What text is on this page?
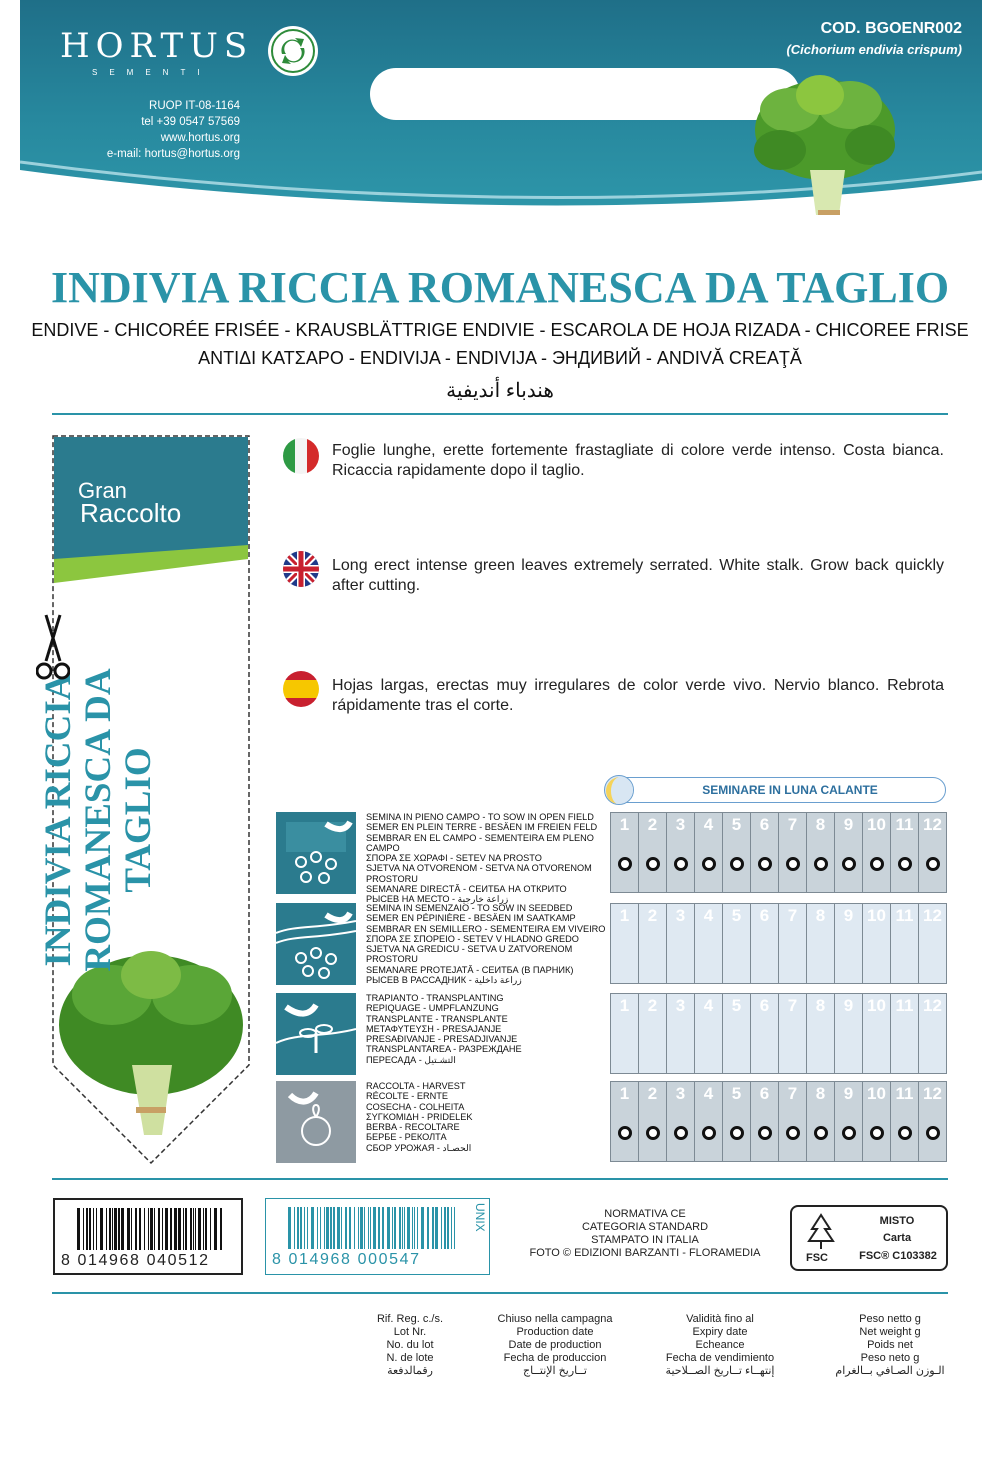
HORTUS
SEMENTI
RUOP IT-08-1164
tel +39 0547 57569
www.hortus.org
e-mail: hortus@hortus.org
COD. BGOENR002
(Cichorium endivia crispum)
INDIVIA RICCIA ROMANESCA DA TAGLIO
ENDIVE - CHICORÉE FRISÉE - KRAUSBLÄTTRIGE ENDIVIE - ESCAROLA DE HOJA RIZADA - CHICOREE FRISE
ΑΝΤΙΔΙ ΚΑΤΣΑΡΟ - ENDIVIJA - ENDIVIJA - ЭНДИВИЙ - ANDIVĂ CREAŢĂ
هندباء أنديفية
Gran
Raccolto
INDIVIA RICCIA ROMANESCA DA TAGLIO
Foglie lunghe, erette fortemente frastagliate di colore verde intenso. Costa bianca. Ricaccia rapidamente dopo il taglio.
Long erect intense green leaves extremely serrated. White stalk. Grow back quickly after cutting.
Hojas largas, erectas muy irregulares de color verde vivo. Nervio blanco. Rebrota rápidamente tras el corte.
SEMINARE IN LUNA CALANTE
SEMINA IN PIENO CAMPO - TO SOW IN OPEN FIELD
SEMER EN PLEIN TERRE - BESÄEN IM FREIEN FELD
SEMBRAR EN EL CAMPO - SEMENTEIRA EM PLENO CAMPO
ΣΠΟΡΑ ΣΕ ΧΩΡΑΦΙ - SETEV NA PROSTO
SJETVA NA OTVORENOM - SETVA NA OTVORENOM PROSTORU
SEMANARE DIRECTĂ - СЕИТБА НА ОТКРИТО
РЫСЕВ НА МЕСТО - زراعة خارجية
1	2	3	4	5	6	7	8	9 10 11 12
SEMINA IN SEMENZAIO - TO SOW IN SEEDBED
SEMER EN PÉPINIÈRE - BESÄEN IM SAATKAMP
SEMBRAR EN SEMILLERO - SEMENTEIRA EM VIVEIRO
ΣΠΟΡΑ ΣΕ ΣΠΟΡΕΙΟ - SETEV V HLADNO GREDO
SJETVA NA GREDICU - SETVA U ZATVORENOM PROSTORU
SEMANARE PROTEJATĂ - СЕИТБА (В ПАРНИК)
РЫСЕВ В РАССАДНИК - زراعة داخلية
1	2	3	4	5	6	7	8	9 10 11 12
TRAPIANTO - TRANSPLANTING
REPIQUAGE - UMPFLANZUNG
TRANSPLANTE - TRANSPLANTE
ΜΕΤΑΦΥΤΕΥΣΗ - PRESAJANJE
PRESAĐIVANJE - PRESADJIVANJE
TRANSPLANTAREA - РАЗРЕЖДАНЕ
ПЕРЕСАДА - التشـتيل
1	2	3	4	5	6	7	8	9 10 11 12
RACCOLTA - HARVEST
RÉCOLTE - ERNTE
COSECHA - COLHEITA
ΣΥΓΚΟΜΙΔΗ - PRIDELEK
BERBA - RECOLTARE
БЕРБЕ - РЕКОЛТА
СБОР УРОЖАЯ - الحصـاد
1	2	3	4	5	6	7	8	9 10 11 12
8 014968 040512	8 014968 000547
UNIX	NORMATIVA CE
CATEGORIA STANDARD
STAMPATO IN ITALIA
FOTO © EDIZIONI BARZANTI - FLORAMEDIA	FSC
MISTO
Carta
FSC® C103382
Rif. Reg. c./s.
Lot Nr.
No. du lot
N. de lote
رقمالدفعة
Chiuso nella campagna
Production date
Date de production
Fecha de produccion
تــاريخ الإنتــاج
Validità fino al
Expiry date
Echeance
Fecha de vendimiento
إنتهــاء تــاريخ الصــلاحية
Peso netto g
Net weight g
Poids net
Peso neto g
الـوزن الصـافي بــالغرام
